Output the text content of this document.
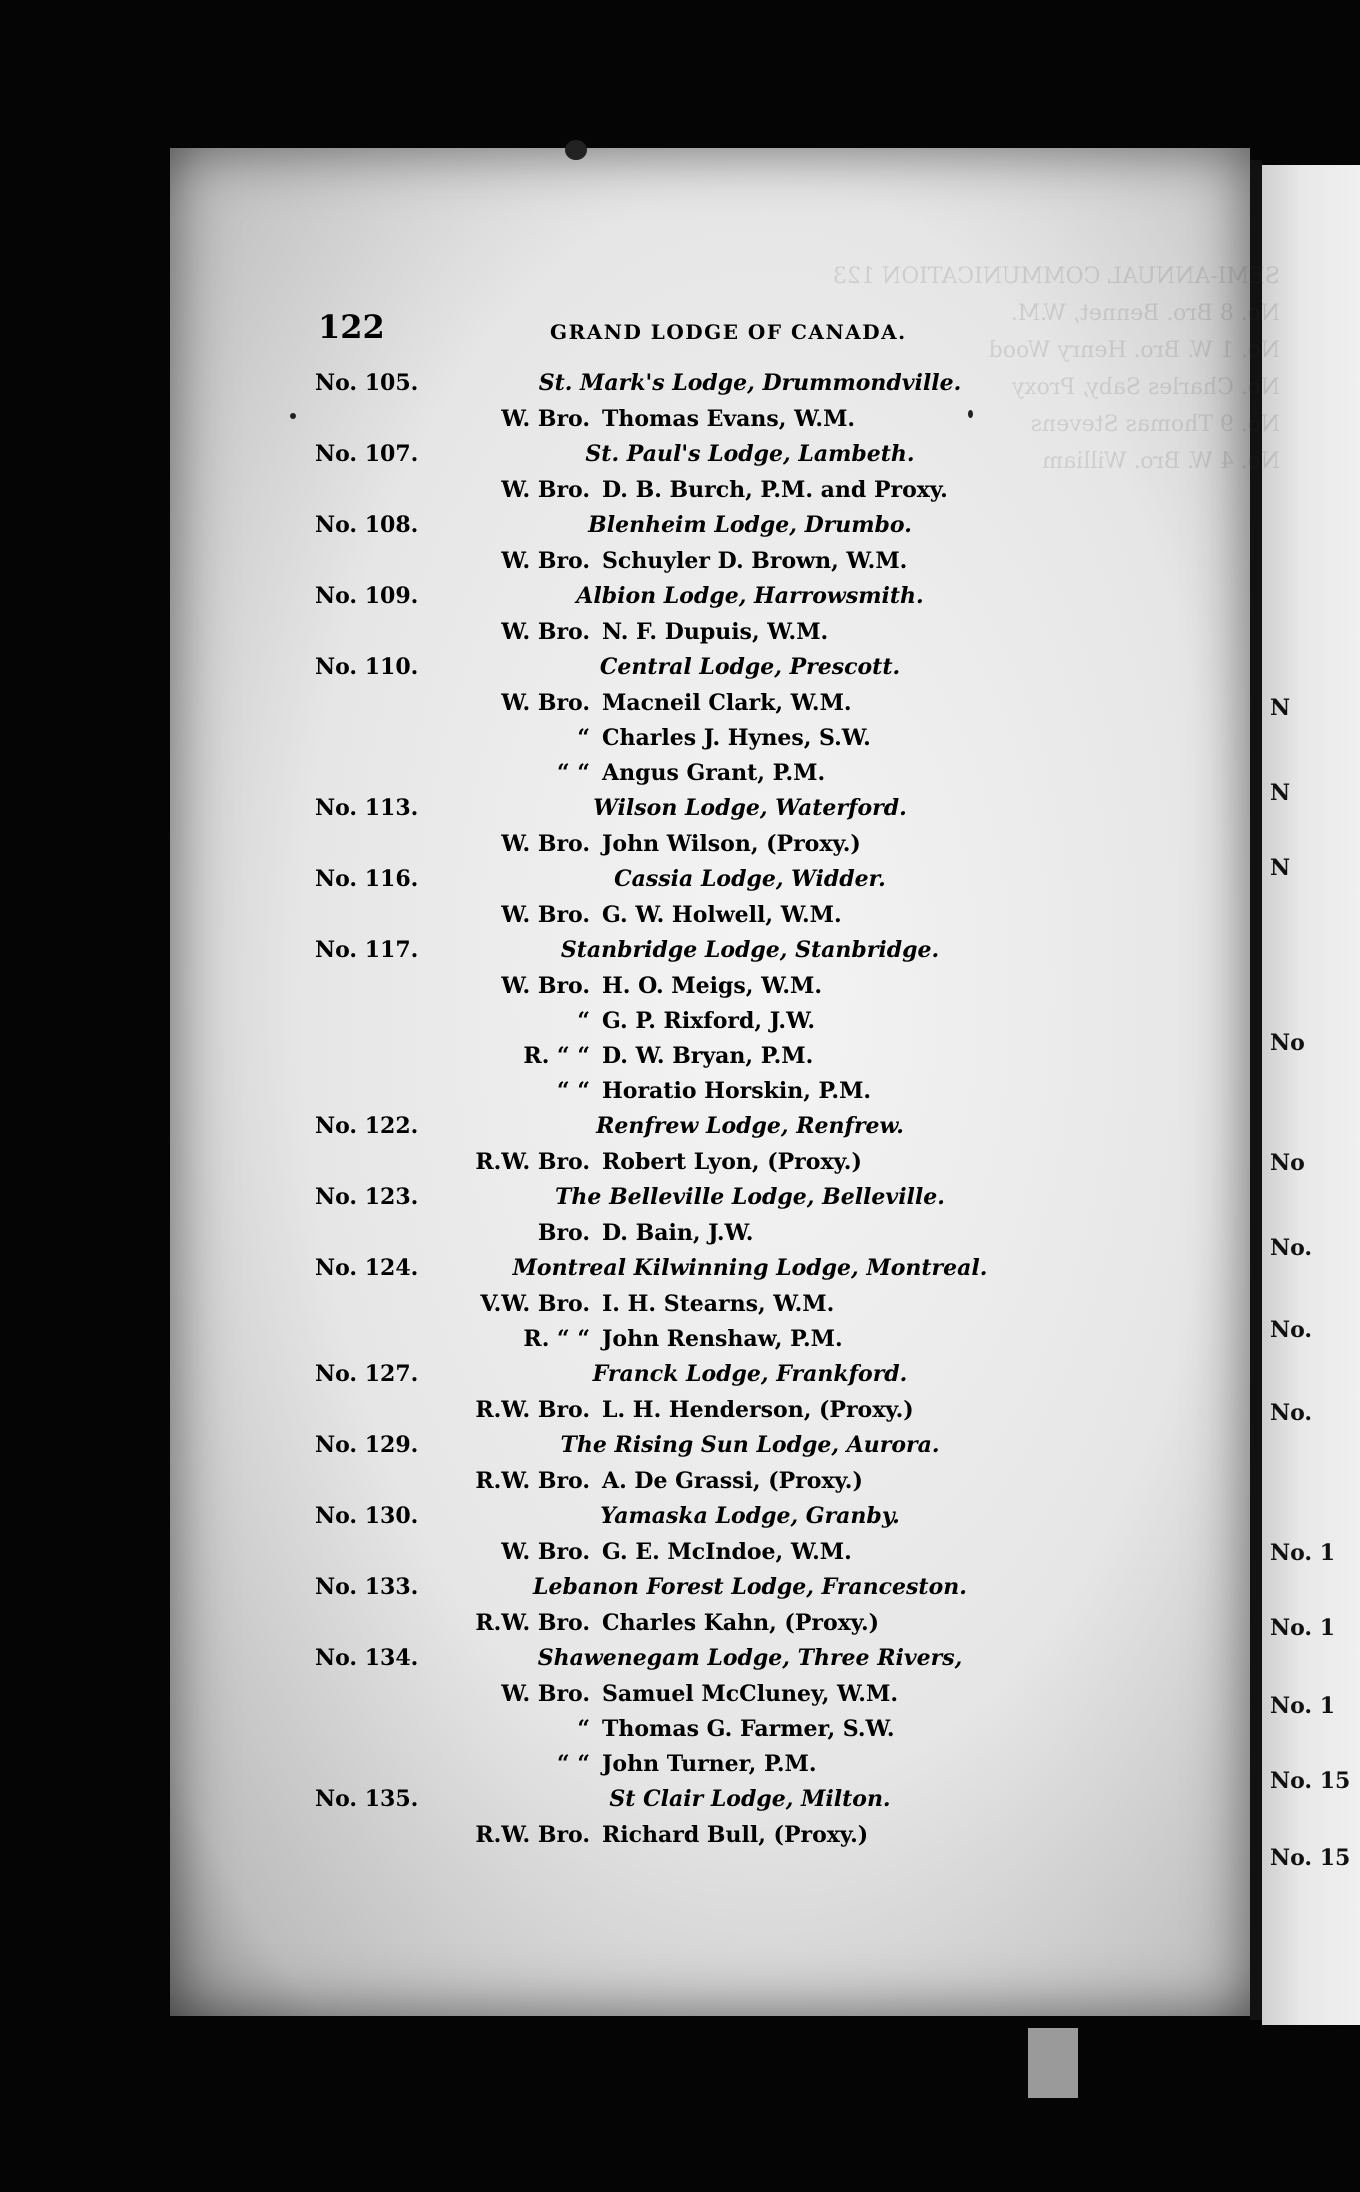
N
N
N
No
No
No.
No.
No.
No. 1
No. 1
No. 1
No. 15
No. 15
SEMI-ANNUAL COMMUNICATION 123
No. 8 Bro. Bennet, W.M.
No. 1 W. Bro. Henry Wood
No. Charles Saby, Proxy
No. 9 Thomas Stevens
No. 4 W. Bro. William
122	GRAND LODGE OF CANADA.
No. 105.	St. Mark's Lodge, Drummondville.
W. Bro. Thomas Evans, W.M.
No. 107.	St. Paul's Lodge, Lambeth.
W. Bro. D. B. Burch, P.M. and Proxy.
No. 108.	Blenheim Lodge, Drumbo.
W. Bro. Schuyler D. Brown, W.M.
No. 109.	Albion Lodge, Harrowsmith.
W. Bro. N. F. Dupuis, W.M.
No. 110.	Central Lodge, Prescott.
W. Bro. Macneil Clark, W.M.
“ Charles J. Hynes, S.W.
“ “ Angus Grant, P.M.
No. 113.	Wilson Lodge, Waterford.
W. Bro. John Wilson, (Proxy.)
No. 116.	Cassia Lodge, Widder.
W. Bro. G. W. Holwell, W.M.
No. 117.	Stanbridge Lodge, Stanbridge.
W. Bro. H. O. Meigs, W.M.
“ G. P. Rixford, J.W.
R. “ “ D. W. Bryan, P.M.
“ “ Horatio Horskin, P.M.
No. 122.	Renfrew Lodge, Renfrew.
R.W. Bro. Robert Lyon, (Proxy.)
No. 123.	The Belleville Lodge, Belleville.
Bro. D. Bain, J.W.
No. 124.	Montreal Kilwinning Lodge, Montreal.
V.W. Bro. I. H. Stearns, W.M.
R. “ “ John Renshaw, P.M.
No. 127.	Franck Lodge, Frankford.
R.W. Bro. L. H. Henderson, (Proxy.)
No. 129.	The Rising Sun Lodge, Aurora.
R.W. Bro. A. De Grassi, (Proxy.)
No. 130.	Yamaska Lodge, Granby.
W. Bro. G. E. McIndoe, W.M.
No. 133.	Lebanon Forest Lodge, Franceston.
R.W. Bro. Charles Kahn, (Proxy.)
No. 134.	Shawenegam Lodge, Three Rivers,
W. Bro. Samuel McCluney, W.M.
“ Thomas G. Farmer, S.W.
“ “ John Turner, P.M.
No. 135.	St Clair Lodge, Milton.
R.W. Bro. Richard Bull, (Proxy.)
